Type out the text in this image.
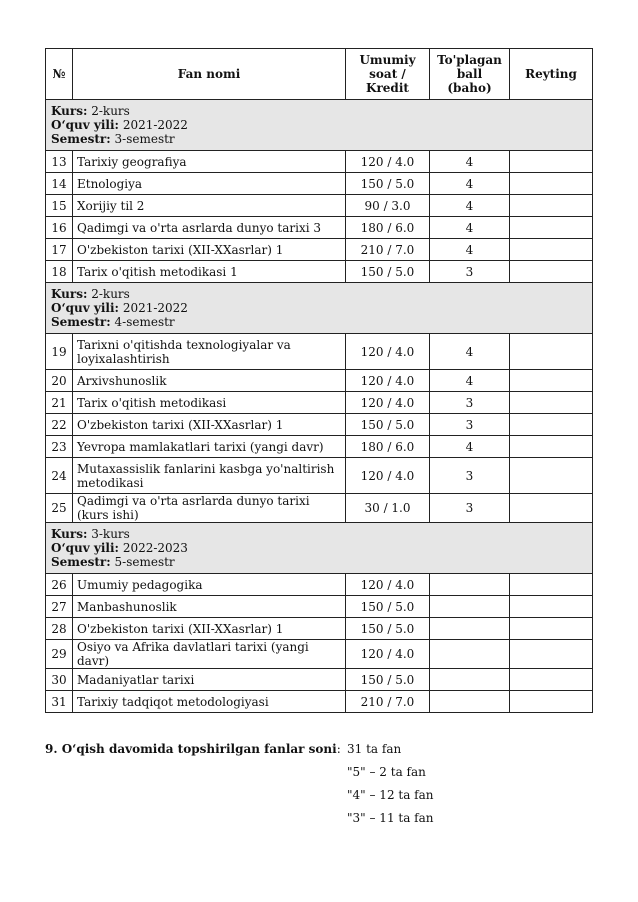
№	Fan nomi	Umumiy soat / Kredit	To'plagan ball (baho)	Reyting

Kurs: 2-kurs
O‘quv yili: 2021-2022
Semestr: 3-semestr				

13	Tarixiy geografiya	120 / 4.0	4	
14	Etnologiya	150 / 5.0	4	
15	Xorijiy til 2	90 / 3.0	4	
16	Qadimgi va o'rta asrlarda dunyo tarixi 3	180 / 6.0	4	
17	O'zbekiston tarixi (XII-XXasrlar) 1	210 / 7.0	4	
18	Tarix o'qitish metodikasi 1	150 / 5.0	3	

Kurs: 2-kurs
O‘quv yili: 2021-2022
Semestr: 4-semestr				

19	Tarixni o'qitishda texnologiyalar va loyixalashtirish	120 / 4.0	4	
20	Arxivshunoslik	120 / 4.0	4	
21	Tarix o'qitish metodikasi	120 / 4.0	3	
22	O'zbekiston tarixi (XII-XXasrlar) 1	150 / 5.0	3	
23	Yevropa mamlakatlari tarixi (yangi davr)	180 / 6.0	4	
24	Mutaxassislik fanlarini kasbga yo'naltirish metodikasi	120 / 4.0	3	
25	Qadimgi va o'rta asrlarda dunyo tarixi (kurs ishi)	30 / 1.0	3	

Kurs: 3-kurs
O‘quv yili: 2022-2023
Semestr: 5-semestr				

26	Umumiy pedagogika	120 / 4.0		
27	Manbashunoslik	150 / 5.0		
28	O'zbekiston tarixi (XII-XXasrlar) 1	150 / 5.0		
29	Osiyo va Afrika davlatlari tarixi (yangi davr)	120 / 4.0		
30	Madaniyatlar tarixi	150 / 5.0		
31	Tarixiy tadqiqot metodologiyasi	210 / 7.0		
9. O‘qish davomida topshirilgan fanlar soni: 31 ta fan
"5" – 2 ta fan
"4" – 12 ta fan
"3" – 11 ta fan
